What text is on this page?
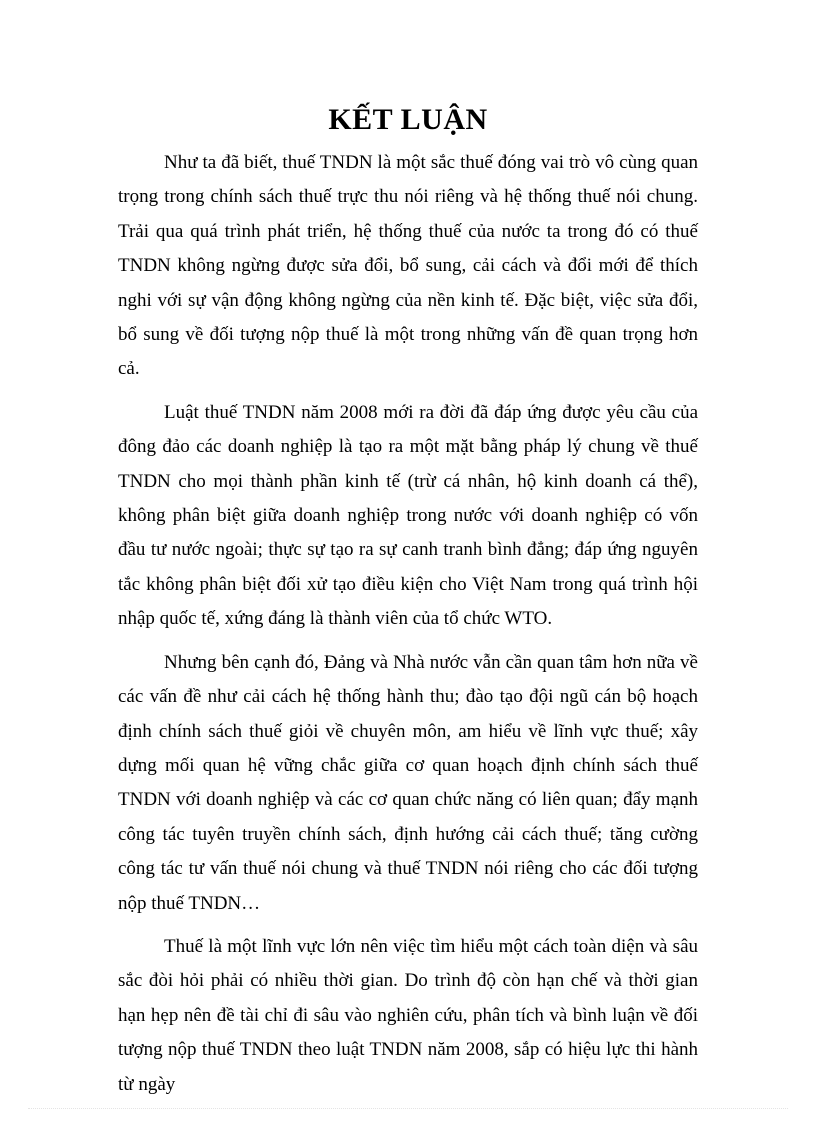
KẾT LUẬN

Như ta đã biết, thuế TNDN là một sắc thuế đóng vai trò vô cùng quan trọng trong chính sách thuế trực thu nói riêng và hệ thống thuế nói chung. Trải qua quá trình phát triển, hệ thống thuế của nước ta trong đó có thuế TNDN không ngừng được sửa đổi, bổ sung, cải cách và đổi mới để thích nghi với sự vận động không ngừng của nền kinh tế. Đặc biệt, việc sửa đổi, bổ sung về đối tượng nộp thuế là một trong những vấn đề quan trọng hơn cả.

Luật thuế TNDN năm 2008 mới ra đời đã đáp ứng được yêu cầu của đông đảo các doanh nghiệp là tạo ra một mặt bằng pháp lý chung về thuế TNDN cho mọi thành phần kinh tế (trừ cá nhân, hộ kinh doanh cá thể), không phân biệt giữa doanh nghiệp trong nước với doanh nghiệp có vốn đầu tư nước ngoài; thực sự tạo ra sự canh tranh bình đẳng; đáp ứng nguyên tắc không phân biệt đối xử tạo điều kiện cho Việt Nam trong quá trình hội nhập quốc tế, xứng đáng là thành viên của tổ chức WTO.

Nhưng bên cạnh đó, Đảng và Nhà nước vẫn cần quan tâm hơn nữa về các vấn đề như cải cách hệ thống hành thu; đào tạo đội ngũ cán bộ hoạch định chính sách thuế giỏi về chuyên môn, am hiểu về lĩnh vực thuế; xây dựng mối quan hệ vững chắc giữa cơ quan hoạch định chính sách thuế TNDN với doanh nghiệp và các cơ quan chức năng có liên quan; đẩy mạnh công tác tuyên truyền chính sách, định hướng cải cách thuế; tăng cường công tác tư vấn thuế nói chung và thuế TNDN nói riêng cho các đối tượng nộp thuế TNDN…

Thuế là một lĩnh vực lớn nên việc tìm hiểu một cách toàn diện và sâu sắc đòi hỏi phải có nhiều thời gian. Do trình độ còn hạn chế và thời gian hạn hẹp nên đề tài chỉ đi sâu vào nghiên cứu, phân tích và bình luận về đối tượng nộp thuế TNDN theo luật TNDN năm 2008, sắp có hiệu lực thi hành từ ngày
